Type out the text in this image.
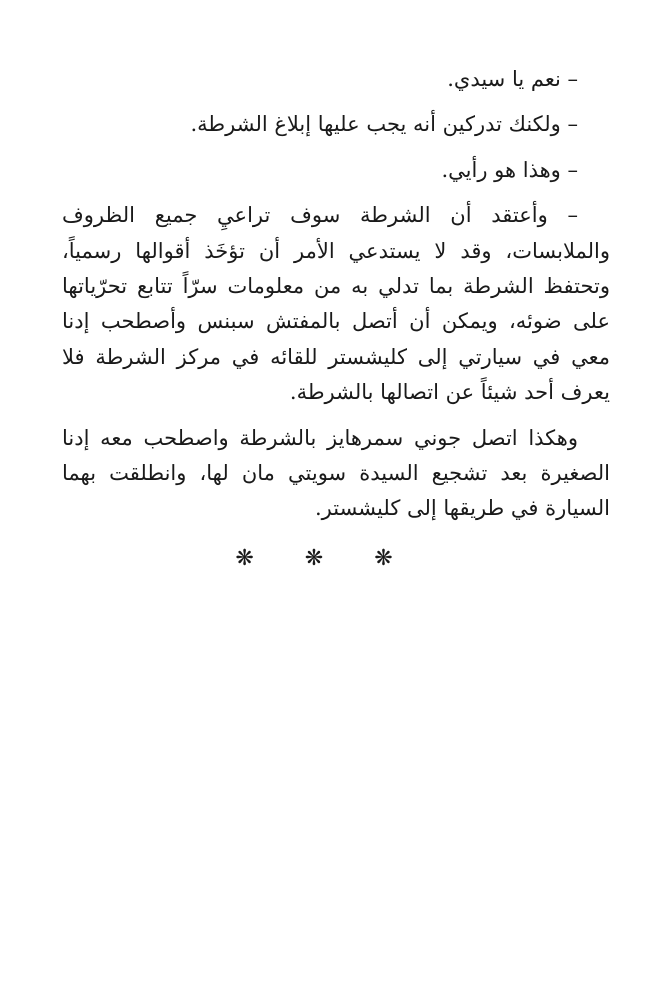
– نعم يا سيدي.

– ولكنك تدركين أنه يجب عليها إبلاغ الشرطة.

– وهذا هو رأيي.

– وأعتقد أن الشرطة سوف تراعيِ جميع الظروف والملابسات، وقد لا يستدعي الأمر أن تؤخَذ أقوالها رسمياً، وتحتفظ الشرطة بما تدلي به من معلومات سرّاً تتابع تحرّياتها على ضوئه، ويمكن أن أتصل بالمفتش سبنس وأصطحب إدنا معي في سيارتي إلى كليشستر للقائه في مركز الشرطة فلا يعرف أحد شيئاً عن اتصالها بالشرطة.

وهكذا اتصل جوني سمرهايز بالشرطة واصطحب معه إدنا الصغيرة بعد تشجيع السيدة سويتي مان لها، وانطلقت بهما السيارة في طريقها إلى كليشستر.

❋ ❋ ❋
